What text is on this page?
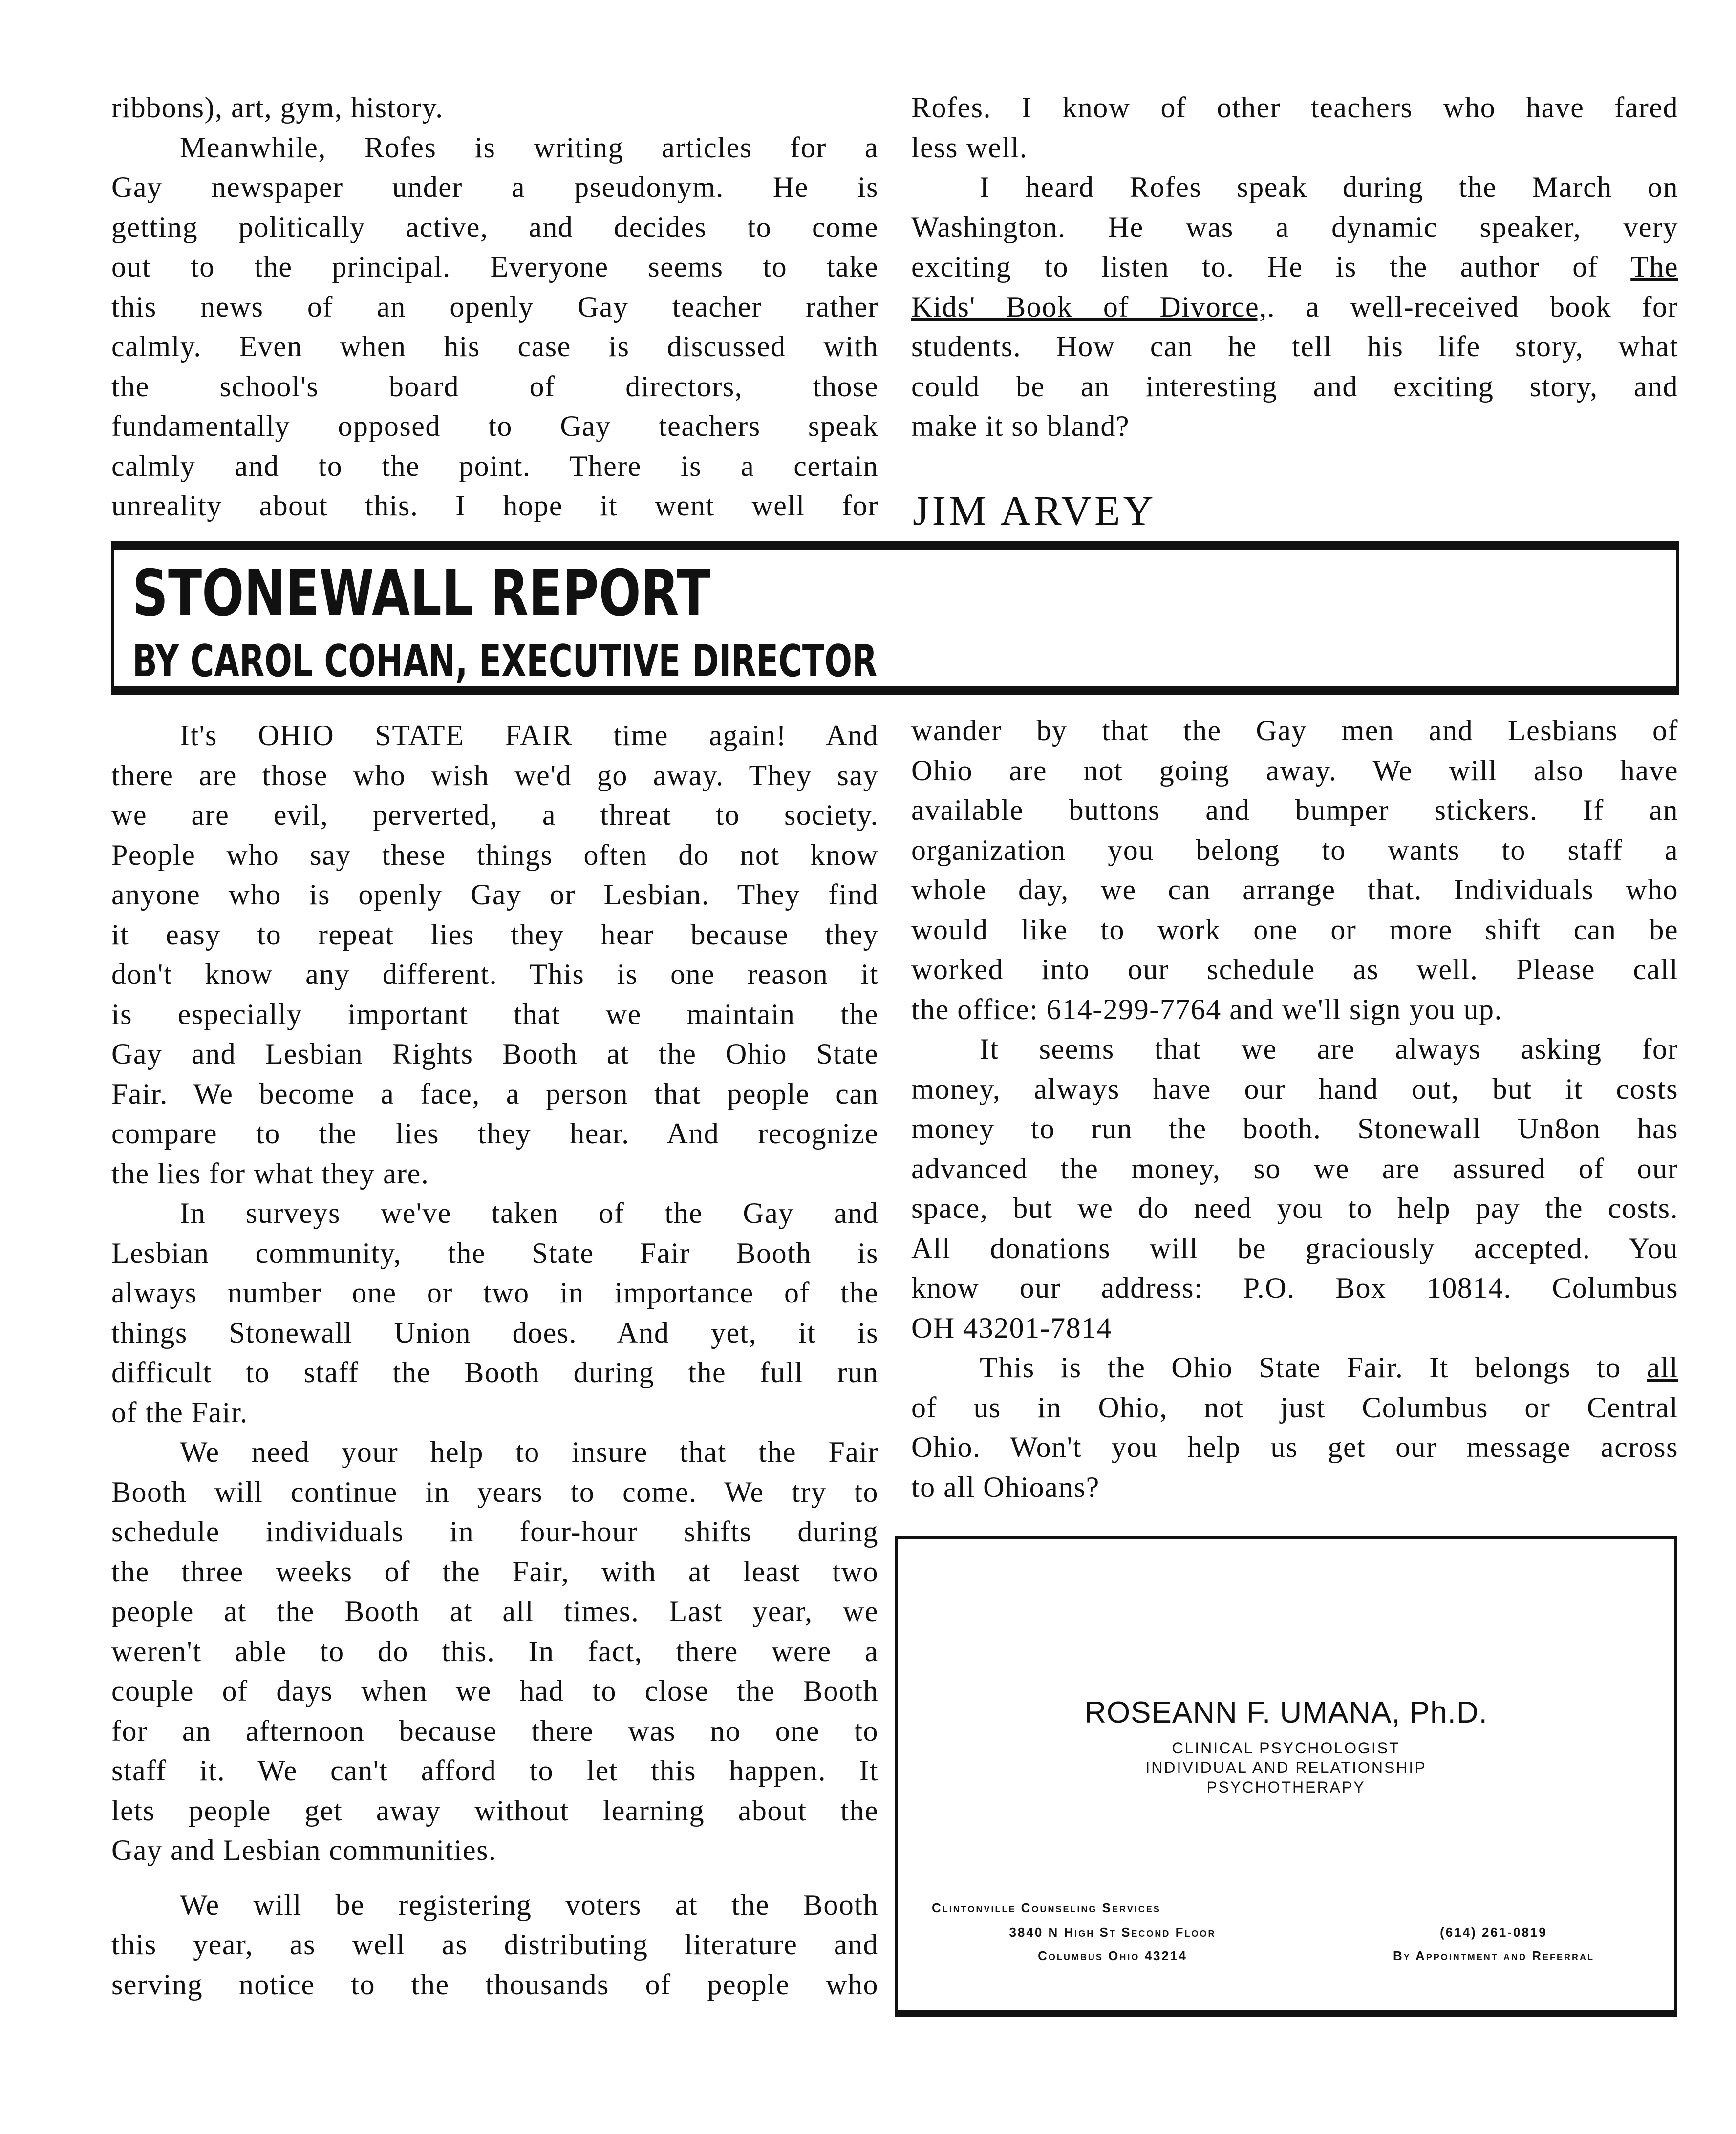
ribbons), art, gym, history.
Meanwhile, Rofes is writing articles for a
Gay newspaper under a pseudonym. He is
getting politically active, and decides to come
out to the principal. Everyone seems to take
this news of an openly Gay teacher rather
calmly. Even when his case is discussed with
the school's board of directors, those
fundamentally opposed to Gay teachers speak
calmly and to the point. There is a certain
unreality about this. I hope it went well for
Rofes. I know of other teachers who have fared
less well.
I heard Rofes speak during the March on
Washington. He was a dynamic speaker, very
exciting to listen to. He is the author of The
Kids' Book of Divorce,. a well-received book for
students. How can he tell his life story, what
could be an interesting and exciting story, and
make it so bland?
JIM ARVEY
STONEWALL REPORT
BY CAROL COHAN, EXECUTIVE DIRECTOR
It's OHIO STATE FAIR time again! And
there are those who wish we'd go away. They say
we are evil, perverted, a threat to society.
People who say these things often do not know
anyone who is openly Gay or Lesbian. They find
it easy to repeat lies they hear because they
don't know any different. This is one reason it
is especially important that we maintain the
Gay and Lesbian Rights Booth at the Ohio State
Fair. We become a face, a person that people can
compare to the lies they hear. And recognize
the lies for what they are.
In surveys we've taken of the Gay and
Lesbian community, the State Fair Booth is
always number one or two in importance of the
things Stonewall Union does. And yet, it is
difficult to staff the Booth during the full run
of the Fair.
We need your help to insure that the Fair
Booth will continue in years to come. We try to
schedule individuals in four-hour shifts during
the three weeks of the Fair, with at least two
people at the Booth at all times. Last year, we
weren't able to do this. In fact, there were a
couple of days when we had to close the Booth
for an afternoon because there was no one to
staff it. We can't afford to let this happen. It
lets people get away without learning about the
Gay and Lesbian communities.
We will be registering voters at the Booth
this year, as well as distributing literature and
serving notice to the thousands of people who
wander by that the Gay men and Lesbians of
Ohio are not going away. We will also have
available buttons and bumper stickers. If an
organization you belong to wants to staff a
whole day, we can arrange that. Individuals who
would like to work one or more shift can be
worked into our schedule as well. Please call
the office: 614-299-7764 and we'll sign you up.
It seems that we are always asking for
money, always have our hand out, but it costs
money to run the booth. Stonewall Un8on has
advanced the money, so we are assured of our
space, but we do need you to help pay the costs.
All donations will be graciously accepted. You
know our address: P.O. Box 10814. Columbus
OH 43201-7814
This is the Ohio State Fair. It belongs to all
of us in Ohio, not just Columbus or Central
Ohio. Won't you help us get our message across
to all Ohioans?
ROSEANN F. UMANA, Ph.D.
CLINICAL PSYCHOLOGIST
INDIVIDUAL AND RELATIONSHIP
PSYCHOTHERAPY
Clintonville Counseling Services
3840 N High St Second Floor
Columbus Ohio 43214
(614) 261-0819
By Appointment and Referral
